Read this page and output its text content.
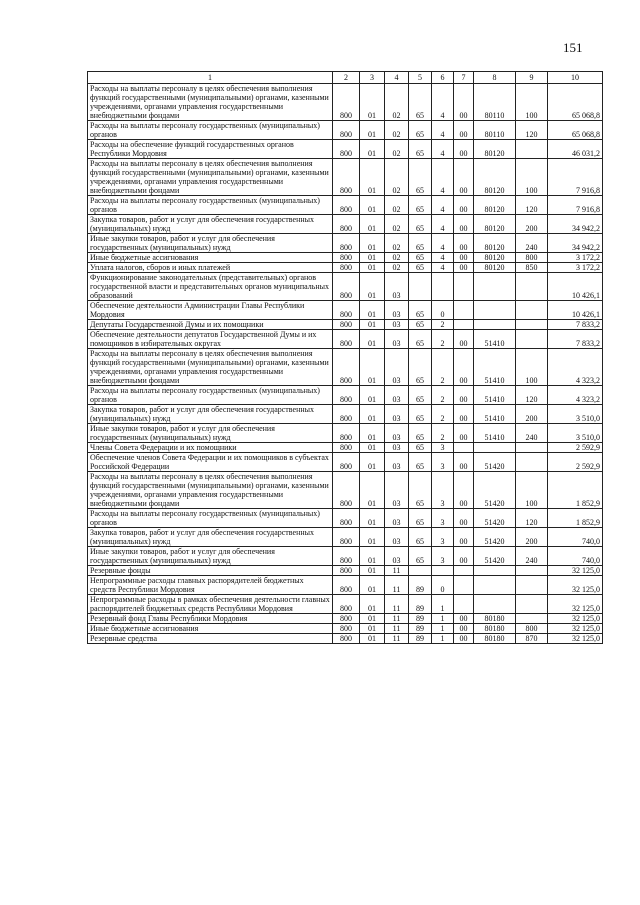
151
1	2	3	4	5	6	7	8	9	10
Расходы на выплаты персоналу в целях обеспечения выполнения функций государственными (муниципальными) органами, казенными учреждениями, органами управления государственными внебюджетными фондами	800	01	02	65	4	00	80110	100	65 068,8
Расходы на выплаты персоналу государственных (муниципальных) органов	800	01	02	65	4	00	80110	120	65 068,8
Расходы на обеспечение функций государственных органов Республики Мордовия	800	01	02	65	4	00	80120		46 031,2
Расходы на выплаты персоналу в целях обеспечения выполнения функций государственными (муниципальными) органами, казенными учреждениями, органами управления государственными внебюджетными фондами	800	01	02	65	4	00	80120	100	7 916,8
Расходы на выплаты персоналу государственных (муниципальных) органов	800	01	02	65	4	00	80120	120	7 916,8
Закупка товаров, работ и услуг для обеспечения государственных (муниципальных) нужд	800	01	02	65	4	00	80120	200	34 942,2
Иные закупки товаров, работ и услуг для обеспечения государственных (муниципальных) нужд	800	01	02	65	4	00	80120	240	34 942,2
Иные бюджетные ассигнования	800	01	02	65	4	00	80120	800	3 172,2
Уплата налогов, сборов и иных платежей	800	01	02	65	4	00	80120	850	3 172,2
Функционирование законодательных (представительных) органов государственной власти и представительных органов муниципальных образований	800	01	03						10 426,1
Обеспечение деятельности Администрации Главы Республики Мордовия	800	01	03	65	0				10 426,1
Депутаты Государственной Думы и их помощники	800	01	03	65	2				7 833,2
Обеспечение деятельности депутатов Государственной Думы и их помощников в избирательных округах	800	01	03	65	2	00	51410		7 833,2
Расходы на выплаты персоналу в целях обеспечения выполнения функций государственными (муниципальными) органами, казенными учреждениями, органами управления государственными внебюджетными фондами	800	01	03	65	2	00	51410	100	4 323,2
Расходы на выплаты персоналу государственных (муниципальных) органов	800	01	03	65	2	00	51410	120	4 323,2
Закупка товаров, работ и услуг для обеспечения государственных (муниципальных) нужд	800	01	03	65	2	00	51410	200	3 510,0
Иные закупки товаров, работ и услуг для обеспечения государственных (муниципальных) нужд	800	01	03	65	2	00	51410	240	3 510,0
Члены Совета Федерации и их помощники	800	01	03	65	3				2 592,9
Обеспечение членов Совета Федерации и их помощников в субъектах Российской Федерации	800	01	03	65	3	00	51420		2 592,9
Расходы на выплаты персоналу в целях обеспечения выполнения функций государственными (муниципальными) органами, казенными учреждениями, органами управления государственными внебюджетными фондами	800	01	03	65	3	00	51420	100	1 852,9
Расходы на выплаты персоналу государственных (муниципальных) органов	800	01	03	65	3	00	51420	120	1 852,9
Закупка товаров, работ и услуг для обеспечения государственных (муниципальных) нужд	800	01	03	65	3	00	51420	200	740,0
Иные закупки товаров, работ и услуг для обеспечения государственных (муниципальных) нужд	800	01	03	65	3	00	51420	240	740,0
Резервные фонды	800	01	11						32 125,0
Непрограммные расходы главных распорядителей бюджетных средств Республики Мордовия	800	01	11	89	0				32 125,0
Непрограммные расходы в рамках обеспечения деятельности главных распорядителей бюджетных средств Республики Мордовия	800	01	11	89	1				32 125,0
Резервный фонд Главы Республики Мордовия	800	01	11	89	1	00	80180		32 125,0
Иные бюджетные ассигнования	800	01	11	89	1	00	80180	800	32 125,0
Резервные средства	800	01	11	89	1	00	80180	870	32 125,0
